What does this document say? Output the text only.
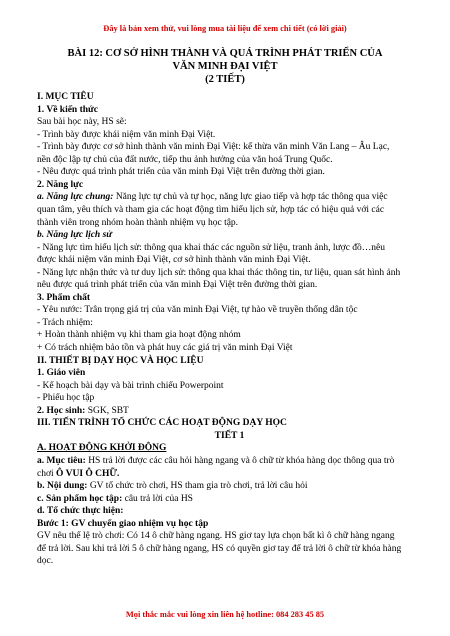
Đây là bản xem thử, vui lòng mua tài liệu để xem chi tiết (có lời giải)
BÀI 12: CƠ SỞ HÌNH THÀNH VÀ QUÁ TRÌNH PHÁT TRIỂN CỦA
VĂN MINH ĐẠI VIỆT
(2 TIẾT)
I. MỤC TIÊU
1. Về kiến thức
Sau bài học này, HS sẽ:
- Trình bày được khái niệm văn minh Đại Việt.
- Trình bày được cơ sở hình thành văn minh Đại Việt: kế thừa văn minh Văn Lang – Âu Lạc,
nền độc lập tự chủ của đất nước, tiếp thu ảnh hưởng của văn hoá Trung Quốc.
- Nêu được quá trình phát triển của văn minh Đại Việt trên đường thời gian.
2. Năng lực
a. Năng lực chung: Năng lực tự chủ và tự học, năng lực giao tiếp và hợp tác thông qua việc
quan tâm, yêu thích và tham gia các hoạt động tìm hiểu lịch sử, hợp tác có hiệu quả với các
thành viên trong nhóm hoàn thành nhiệm vụ học tập.
b. Năng lực lịch sử
- Năng lực tìm hiểu lịch sử: thông qua khai thác các nguồn sử liệu, tranh ảnh, lược đồ…nêu
được khái niệm văn minh Đại Việt, cơ sở hình thành văn minh Đại Việt.
- Năng lực nhận thức và tư duy lịch sử: thông qua khai thác thông tin, tư liệu, quan sát hình ảnh
nêu được quá trình phát triển của văn minh Đại Việt trên đường thời gian.
3. Phẩm chất
- Yêu nước: Trân trọng giá trị của văn minh Đại Việt, tự hào về truyền thống dân tộc
- Trách nhiệm:
+ Hoàn thành nhiệm vụ khi tham gia hoạt động nhóm
+ Có trách nhiệm bảo tồn và phát huy các giá trị văn minh Đại Việt
II. THIẾT BỊ DẠY HỌC VÀ HỌC LIỆU
1. Giáo viên
- Kế hoạch bài dạy và bài trình chiếu Powerpoint
- Phiếu học tập
2. Học sinh: SGK, SBT
III. TIẾN TRÌNH TỔ CHỨC CÁC HOẠT ĐỘNG DẠY HỌC
TIẾT 1
A. HOẠT ĐỘNG KHỞI ĐỘNG
a. Mục tiêu: HS trả lời được các câu hỏi hàng ngang và ô chữ từ khóa hàng dọc thông qua trò
chơi Ô VUI Ô CHỮ.
b. Nội dung: GV tổ chức trò chơi, HS tham gia trò chơi, trả lời câu hỏi
c. Sản phẩm học tập: câu trả lời của HS
d. Tổ chức thực hiện:
Bước 1: GV chuyển giao nhiệm vụ học tập
GV nêu thể lệ trò chơi: Có 14 ô chữ hàng ngang. HS giơ tay lựa chọn bất kì ô chữ hàng ngang
để trả lời. Sau khi trả lời 5 ô chữ hàng ngang, HS có quyền giơ tay để trả lời ô chữ từ khóa hàng
dọc.
Mọi thắc mắc vui lòng xin liên hệ hotline: 084 283 45 85
